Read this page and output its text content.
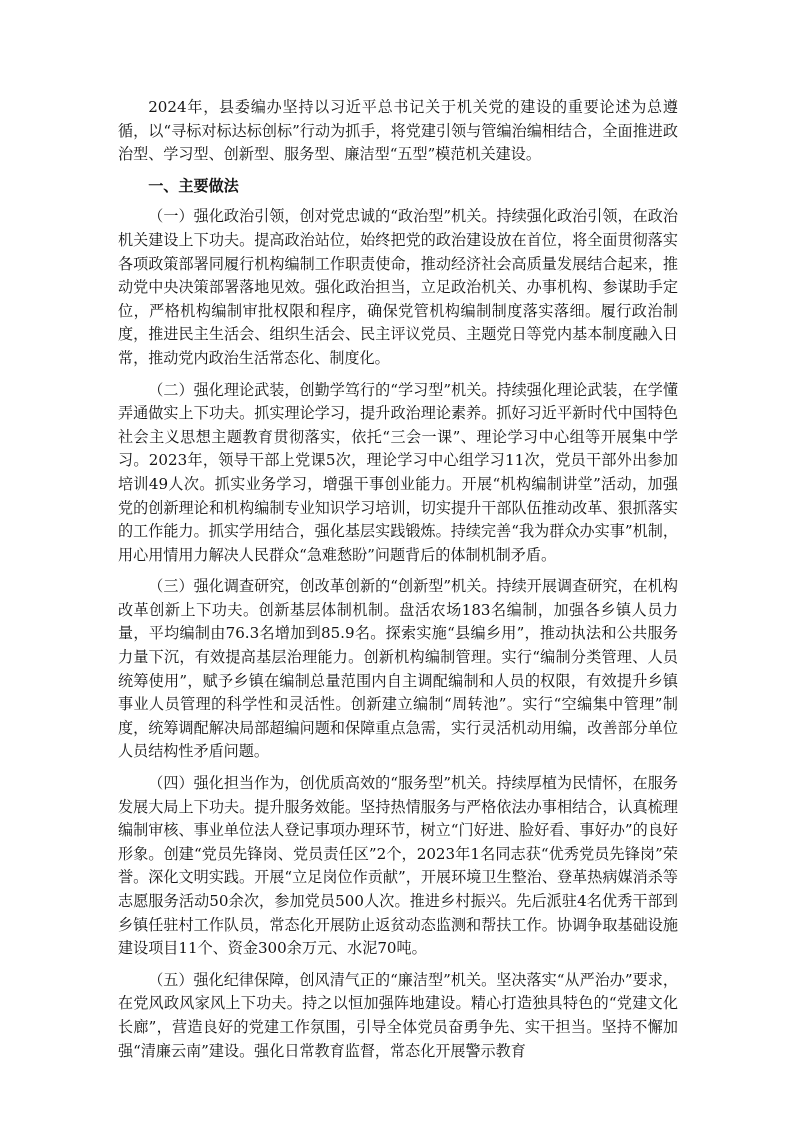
2024年，县委编办坚持以习近平总书记关于机关党的建设的重要论述为总遵循，以“寻标对标达标创标”行动为抓手，将党建引领与管编治编相结合，全面推进政治型、学习型、创新型、服务型、廉洁型“五型”模范机关建设。

一、主要做法

（一）强化政治引领，创对党忠诚的“政治型”机关。持续强化政治引领，在政治机关建设上下功夫。提高政治站位，始终把党的政治建设放在首位，将全面贯彻落实各项政策部署同履行机构编制工作职责使命，推动经济社会高质量发展结合起来，推动党中央决策部署落地见效。强化政治担当，立足政治机关、办事机构、参谋助手定位，严格机构编制审批权限和程序，确保党管机构编制制度落实落细。履行政治制度，推进民主生活会、组织生活会、民主评议党员、主题党日等党内基本制度融入日常，推动党内政治生活常态化、制度化。

（二）强化理论武装，创勤学笃行的“学习型”机关。持续强化理论武装，在学懂弄通做实上下功夫。抓实理论学习，提升政治理论素养。抓好习近平新时代中国特色社会主义思想主题教育贯彻落实，依托“三会一课”、理论学习中心组等开展集中学习。2023年，领导干部上党课5次，理论学习中心组学习11次，党员干部外出参加培训49人次。抓实业务学习，增强干事创业能力。开展“机构编制讲堂”活动，加强党的创新理论和机构编制专业知识学习培训，切实提升干部队伍推动改革、狠抓落实的工作能力。抓实学用结合，强化基层实践锻炼。持续完善“我为群众办实事”机制，用心用情用力解决人民群众“急难愁盼”问题背后的体制机制矛盾。

（三）强化调查研究，创改革创新的“创新型”机关。持续开展调查研究，在机构改革创新上下功夫。创新基层体制机制。盘活农场183名编制，加强各乡镇人员力量，平均编制由76.3名增加到85.9名。探索实施“县编乡用”，推动执法和公共服务力量下沉，有效提高基层治理能力。创新机构编制管理。实行“编制分类管理、人员统筹使用”，赋予乡镇在编制总量范围内自主调配编制和人员的权限，有效提升乡镇事业人员管理的科学性和灵活性。创新建立编制“周转池”。实行“空编集中管理”制度，统筹调配解决局部超编问题和保障重点急需，实行灵活机动用编，改善部分单位人员结构性矛盾问题。

（四）强化担当作为，创优质高效的“服务型”机关。持续厚植为民情怀，在服务发展大局上下功夫。提升服务效能。坚持热情服务与严格依法办事相结合，认真梳理编制审核、事业单位法人登记事项办理环节，树立“门好进、脸好看、事好办”的良好形象。创建“党员先锋岗、党员责任区”2个，2023年1名同志获“优秀党员先锋岗”荣誉。深化文明实践。开展“立足岗位作贡献”，开展环境卫生整治、登革热病媒消杀等志愿服务活动50余次，参加党员500人次。推进乡村振兴。先后派驻4名优秀干部到乡镇任驻村工作队员，常态化开展防止返贫动态监测和帮扶工作。协调争取基础设施建设项目11个、资金300余万元、水泥70吨。

（五）强化纪律保障，创风清气正的“廉洁型”机关。坚决落实“从严治办”要求，在党风政风家风上下功夫。持之以恒加强阵地建设。精心打造独具特色的“党建文化长廊”，营造良好的党建工作氛围，引导全体党员奋勇争先、实干担当。坚持不懈加强“清廉云南”建设。强化日常教育监督，常态化开展警示教育
